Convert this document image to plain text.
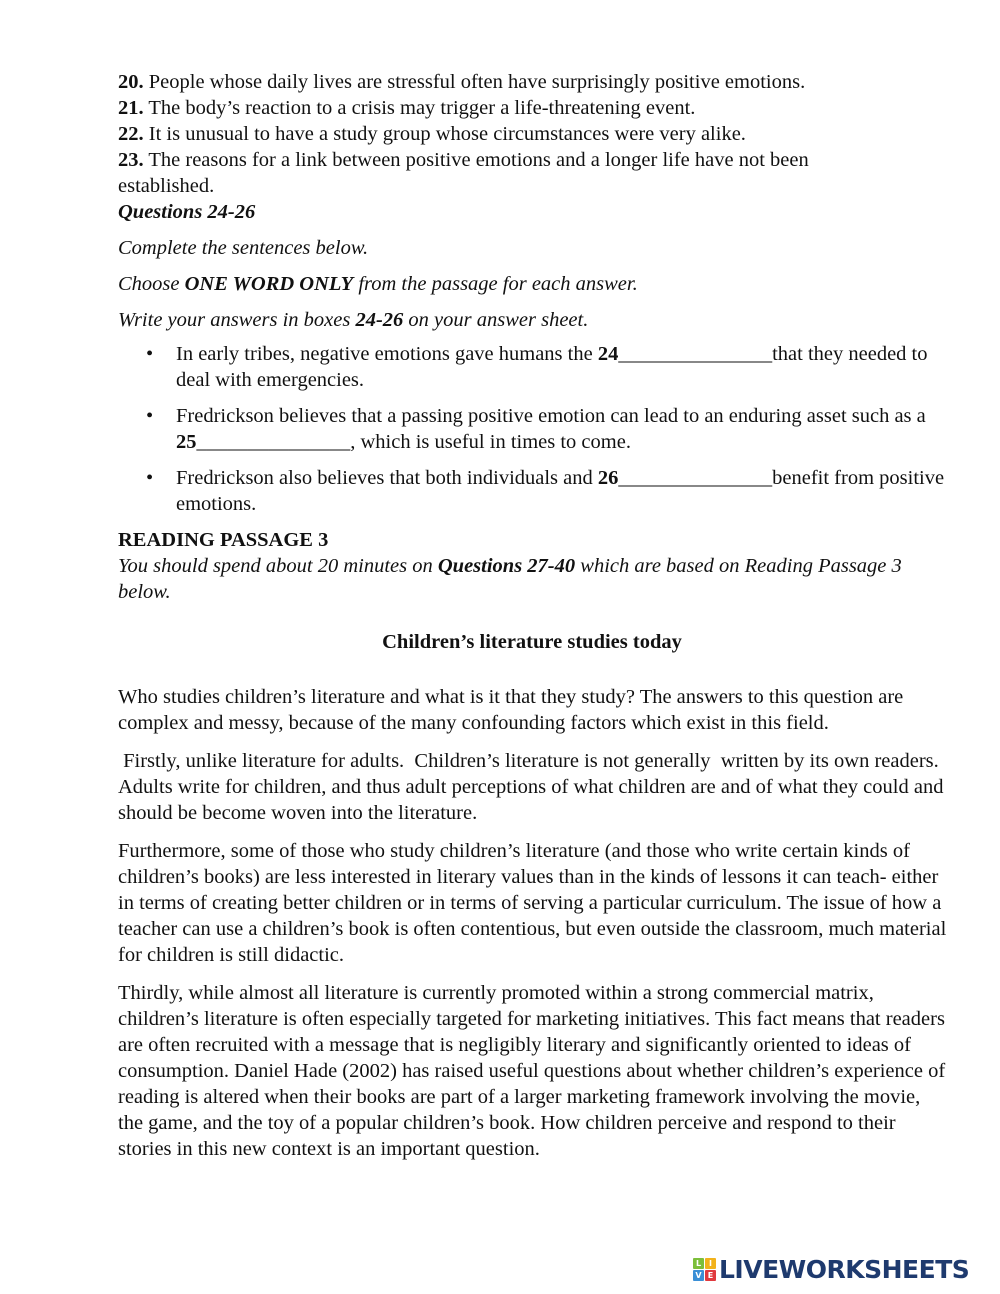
20. People whose daily lives are stressful often have surprisingly positive emotions.

21. The body’s reaction to a crisis may trigger a life-threatening event.

22. It is unusual to have a study group whose circumstances were very alike.

23. The reasons for a link between positive emotions and a longer life have not been established.

Questions 24-26

Complete the sentences below.

Choose ONE WORD ONLY from the passage for each answer.

Write your answers in boxes 24-26 on your answer sheet.

• In early tribes, negative emotions gave humans the 24_______________that they needed to deal with emergencies.
• Fredrickson believes that a passing positive emotion can lead to an enduring asset such as a 25_______________, which is useful in times to come.
• Fredrickson also believes that both individuals and 26_______________benefit from positive emotions.

READING PASSAGE 3

You should spend about 20 minutes on Questions 27-40 which are based on Reading Passage 3 below.

Children’s literature studies today

Who studies children’s literature and what is it that they study? The answers to this question are complex and messy, because of the many confounding factors which exist in this field.

Firstly, unlike literature for adults.  Children’s literature is not generally  written by its own readers. Adults write for children, and thus adult perceptions of what children are and of what they could and should be become woven into the literature.

Furthermore, some of those who study children’s literature (and those who write certain kinds of children’s books) are less interested in literary values than in the kinds of lessons it can teach- either in terms of creating better children or in terms of serving a particular curriculum. The issue of how a teacher can use a children’s book is often contentious, but even outside the classroom, much material for children is still didactic.

Thirdly, while almost all literature is currently promoted within a strong commercial matrix, children’s literature is often especially targeted for marketing initiatives. This fact means that readers are often recruited with a message that is negligibly literary and significantly oriented to ideas of consumption. Daniel Hade (2002) has raised useful questions about whether children’s experience of reading is altered when their books are part of a larger marketing framework involving the movie, the game, and the toy of a popular children’s book. How children perceive and respond to their stories in this new context is an important question.

L I
V E LIVEWORKSHEETS
